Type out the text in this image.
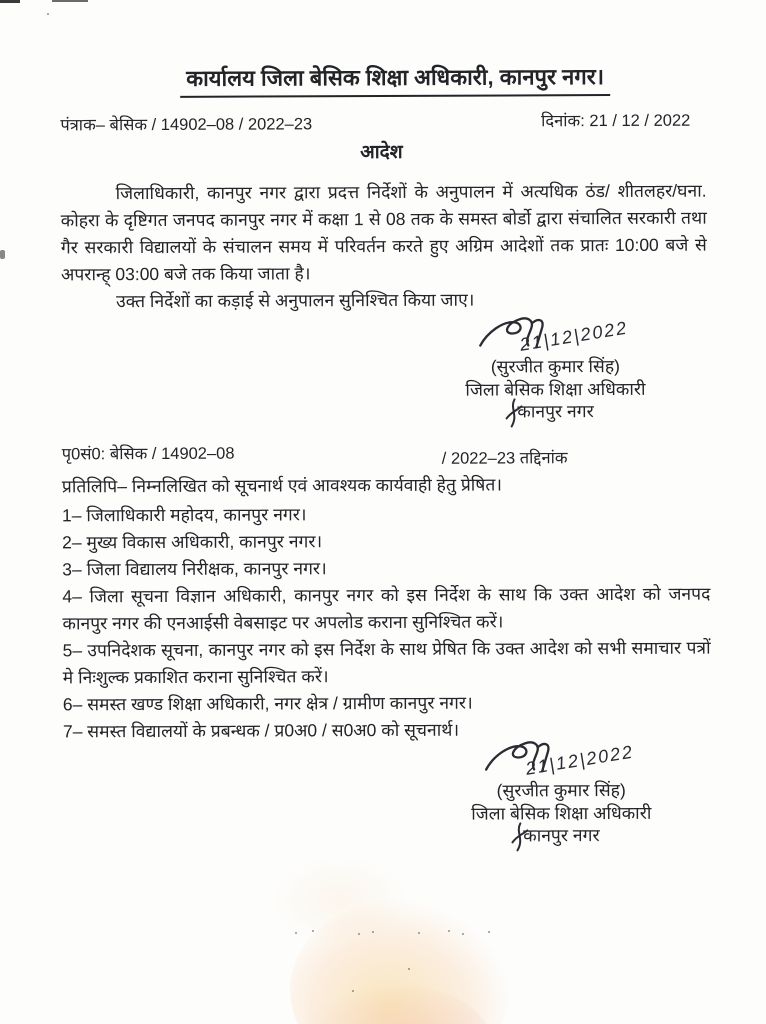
कार्यालय जिला बेसिक शिक्षा अधिकारी, कानपुर नगर।
पंत्राक– बेसिक / 14902–08 / 2022–23	दिनांक: 21 / 12 / 2022
आदेश

जिलाधिकारी, कानपुर नगर द्वारा प्रदत्त निर्देशों के अनुपालन में अत्यधिक ठंड/ शीतलहर/घना. कोहरा के दृष्टिगत जनपद कानपुर नगर में कक्षा 1 से 08 तक के समस्त बोर्डो द्वारा संचालित सरकारी तथा गैर सरकारी विद्यालयों के संचालन समय में परिवर्तन करते हुए अग्रिम आदेशों तक प्रातः 10:00 बजे से अपरान्ह् 03:00 बजे तक किया जाता है।

उक्त निर्देशों का कड़ाई से अनुपालन सुनिश्चित किया जाए।

21|12|2022
(सुरजीत कुमार सिंह)
जिला बेसिक शिक्षा अधिकारी
कानपुर नगर
पृ0सं0: बेसिक / 14902–08	/ 2022–23 तद्दिनांक
प्रतिलिपि– निम्नलिखित को सूचनार्थ एवं आवश्यक कार्यवाही हेतु प्रेषित।
1– जिलाधिकारी महोदय, कानपुर नगर।
2– मुख्य विकास अधिकारी, कानपुर नगर।
3– जिला विद्यालय निरीक्षक, कानपुर नगर।
4– जिला सूचना विज्ञान अधिकारी, कानपुर नगर को इस निर्देश के साथ कि उक्त आदेश को जनपद कानपुर नगर की एनआईसी वेबसाइट पर अपलोड कराना सुनिश्चित करें।
5– उपनिदेशक सूचना, कानपुर नगर को इस निर्देश के साथ प्रेषित कि उक्त आदेश को सभी समाचार पत्रों मे निःशुल्क प्रकाशित कराना सुनिश्चित करें।
6– समस्त खण्ड शिक्षा अधिकारी, नगर क्षेत्र / ग्रामीण कानपुर नगर।
7– समस्त विद्यालयों के प्रबन्धक / प्र0अ0 / स0अ0 को सूचनार्थ।
21|12|2022
(सुरजीत कुमार सिंह)
जिला बेसिक शिक्षा अधिकारी
कानपुर नगर
